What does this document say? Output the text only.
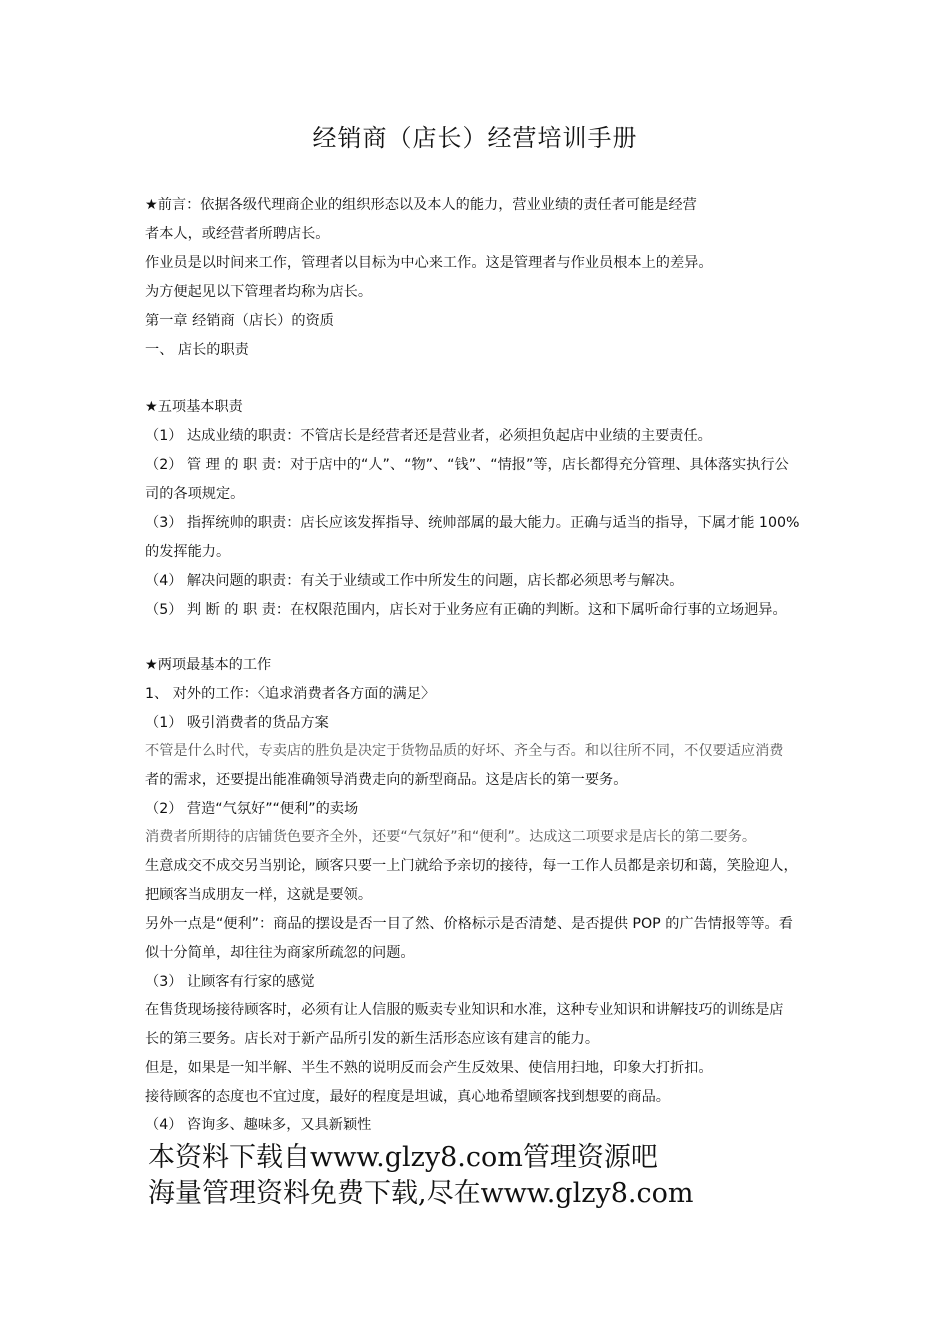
经销商（店长）经营培训手册
★前言：依据各级代理商企业的组织形态以及本人的能力，营业业绩的责任者可能是经营
者本人，或经营者所聘店长。
作业员是以时间来工作，管理者以目标为中心来工作。这是管理者与作业员根本上的差异。
为方便起见以下管理者均称为店长。
第一章 经销商（店长）的资质
一、 店长的职责
★五项基本职责
（1） 达成业绩的职责：不管店长是经营者还是营业者，必须担负起店中业绩的主要责任。
（2） 管 理 的 职 责：对于店中的“人”、“物”、“钱”、“情报”等，店长都得充分管理、具体落实执行公
司的各项规定。
（3） 指挥统帅的职责：店长应该发挥指导、统帅部属的最大能力。正确与适当的指导，下属才能 100%
的发挥能力。
（4） 解决问题的职责：有关于业绩或工作中所发生的问题，店长都必须思考与解决。
（5） 判 断 的 职 责：在权限范围内，店长对于业务应有正确的判断。这和下属听命行事的立场迥异。
★两项最基本的工作
1、 对外的工作：〈追求消费者各方面的满足〉
（1） 吸引消费者的货品方案
不管是什么时代，专卖店的胜负是决定于货物品质的好坏、齐全与否。和以往所不同，不仅要适应消费
者的需求，还要提出能准确领导消费走向的新型商品。这是店长的第一要务。
（2） 营造“气氛好”“便利”的卖场
消费者所期待的店铺货色要齐全外，还要“气氛好”和“便利”。达成这二项要求是店长的第二要务。
生意成交不成交另当别论，顾客只要一上门就给予亲切的接待，每一工作人员都是亲切和蔼，笑脸迎人，
把顾客当成朋友一样，这就是要领。
另外一点是“便利”：商品的摆设是否一目了然、价格标示是否清楚、是否提供 POP 的广告情报等等。看
似十分简单，却往往为商家所疏忽的问题。
（3） 让顾客有行家的感觉
在售货现场接待顾客时，必须有让人信服的贩卖专业知识和水准，这种专业知识和讲解技巧的训练是店
长的第三要务。店长对于新产品所引发的新生活形态应该有建言的能力。
但是，如果是一知半解、半生不熟的说明反而会产生反效果、使信用扫地，印象大打折扣。
接待顾客的态度也不宜过度，最好的程度是坦诚，真心地希望顾客找到想要的商品。
（4） 咨询多、趣味多，又具新颖性
本资料下载自www.glzy8.com管理资源吧
海量管理资料免费下载,尽在www.glzy8.com
